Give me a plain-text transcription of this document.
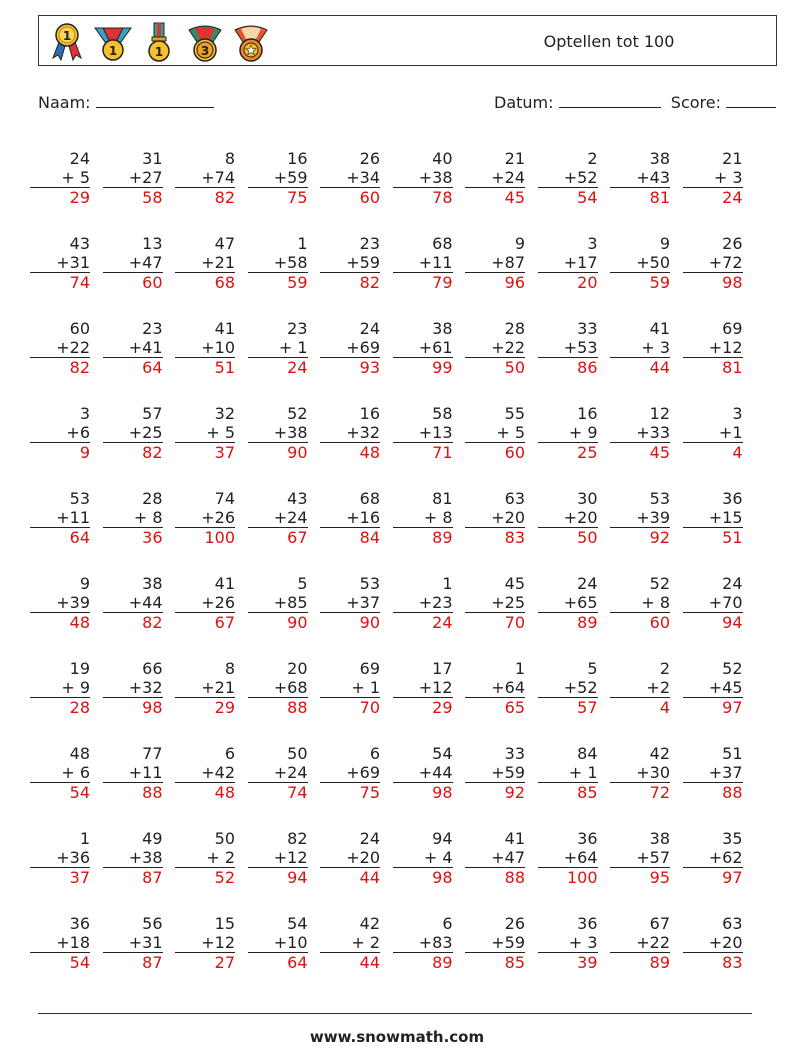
1
1	1	3	Optellen tot 100
Naam:	Datum:	Score:
24
+ 5
29
31
+27
58
8
+74
82
16
+59
75
26
+34
60
40
+38
78
21
+24
45
2
+52
54
38
+43
81
21
+ 3
24
43
+31
74
13
+47
60
47
+21
68
1
+58
59
23
+59
82
68
+11
79
9
+87
96
3
+17
20
9
+50
59
26
+72
98
60
+22
82
23
+41
64
41
+10
51
23
+ 1
24
24
+69
93
38
+61
99
28
+22
50
33
+53
86
41
+ 3
44
69
+12
81
3
+6
9
57
+25
82
32
+ 5
37
52
+38
90
16
+32
48
58
+13
71
55
+ 5
60
16
+ 9
25
12
+33
45
3
+1
4
53
+11
64
28
+ 8
36
74
+26
100
43
+24
67
68
+16
84
81
+ 8
89
63
+20
83
30
+20
50
53
+39
92
36
+15
51
9
+39
48
38
+44
82
41
+26
67
5
+85
90
53
+37
90
1
+23
24
45
+25
70
24
+65
89
52
+ 8
60
24
+70
94
19
+ 9
28
66
+32
98
8
+21
29
20
+68
88
69
+ 1
70
17
+12
29
1
+64
65
5
+52
57
2
+2
4
52
+45
97
48
+ 6
54
77
+11
88
6
+42
48
50
+24
74
6
+69
75
54
+44
98
33
+59
92
84
+ 1
85
42
+30
72
51
+37
88
1
+36
37
49
+38
87
50
+ 2
52
82
+12
94
24
+20
44
94
+ 4
98
41
+47
88
36
+64
100
38
+57
95
35
+62
97
36
+18
54
56
+31
87
15
+12
27
54
+10
64
42
+ 2
44
6
+83
89
26
+59
85
36
+ 3
39
67
+22
89
63
+20
83
www.snowmath.com
